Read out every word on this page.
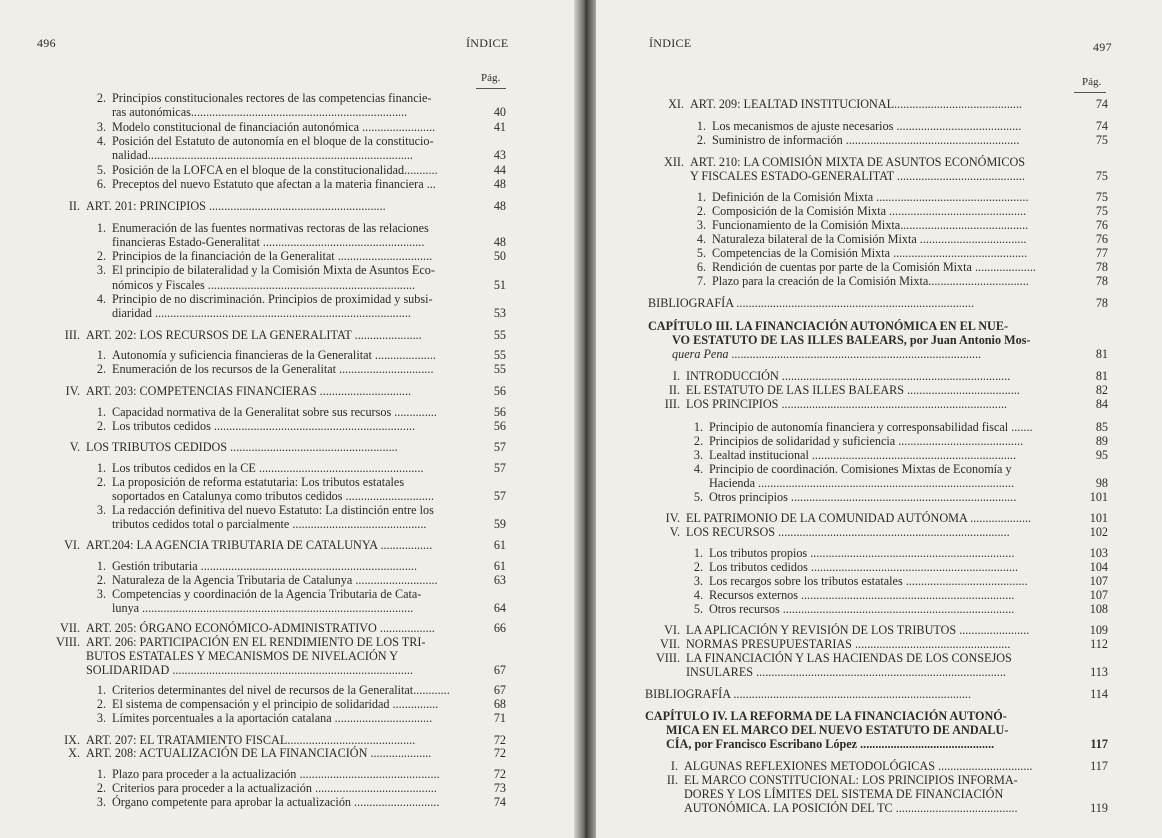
496	ÍNDICE
Pág.
2. Principios constitucionales rectores de las competencias financie-
ras autonómicas.......................................................................	40
3. Modelo constitucional de financiación autonómica ........................	41
4. Posición del Estatuto de autonomía en el bloque de la constitucio-
nalidad.......................................................................................	43
5. Posición de la LOFCA en el bloque de la constitucionalidad...........	44
6. Preceptos del nuevo Estatuto que afectan a la materia financiera ...	48
II. ART. 201: PRINCIPIOS ..........................................................	48
1. Enumeración de las fuentes normativas rectoras de las relaciones
financieras Estado-Generalitat .....................................................	48
2. Principios de la financiación de la Generalitat ...............................	50
3. El principio de bilateralidad y la Comisión Mixta de Asuntos Eco-
nómicos y Fiscales ....................................................................	51
4. Principio de no discriminación. Principios de proximidad y subsi-
diaridad ....................................................................................	53
III. ART. 202: LOS RECURSOS DE LA GENERALITAT ......................	55
1. Autonomía y suficiencia financieras de la Generalitat ....................	55
2. Enumeración de los recursos de la Generalitat ...............................	55
IV. ART. 203: COMPETENCIAS FINANCIERAS ..............................	56
1. Capacidad normativa de la Generalitat sobre sus recursos ..............	56
2. Los tributos cedidos ..................................................................	56
V. LOS TRIBUTOS CEDIDOS .......................................................	57
1. Los tributos cedidos en la CE ......................................................	57
2. La proposición de reforma estatutaria: Los tributos estatales
soportados en Catalunya como tributos cedidos .............................	57
3. La redacción definitiva del nuevo Estatuto: La distinción entre los
tributos cedidos total o parcialmente ............................................	59
VI. ART.204: LA AGENCIA TRIBUTARIA DE CATALUNYA .................	61
1. Gestión tributaria .......................................................................	61
2. Naturaleza de la Agencia Tributaria de Catalunya ...........................	63
3. Competencias y coordinación de la Agencia Tributaria de Cata-
lunya .........................................................................................	64
VII. ART. 205: ÓRGANO ECONÓMICO-ADMINISTRATIVO ..................	66
VIII. ART. 206: PARTICIPACIÓN EN EL RENDIMIENTO DE LOS TRI-
BUTOS ESTATALES Y MECANISMOS DE NIVELACIÓN Y
SOLIDARIDAD ...............................................................................	67
1. Criterios determinantes del nivel de recursos de la Generalitat............	67
2. El sistema de compensación y el principio de solidaridad ...............	68
3. Límites porcentuales a la aportación catalana ................................	71
IX. ART. 207: EL TRATAMIENTO FISCAL..........................................	72
X. ART. 208: ACTUALIZACIÓN DE LA FINANCIACIÓN ....................	72
1. Plazo para proceder a la actualización ..............................................	72
2. Criterios para proceder a la actualización ........................................	73
3. Órgano competente para aprobar la actualización ............................	74
ÍNDICE	497
Pág.
XI. ART. 209: LEALTAD INSTITUCIONAL..........................................	74
1. Los mecanismos de ajuste necesarios .........................................	74
2. Suministro de información .........................................................	75
XII. ART. 210: LA COMISIÓN MIXTA DE ASUNTOS ECONÓMICOS
Y FISCALES ESTADO-GENERALITAT ..........................................	75
1. Definición de la Comisión Mixta ..................................................	75
2. Composición de la Comisión Mixta .............................................	75
3. Funcionamiento de la Comisión Mixta..........................................	76
4. Naturaleza bilateral de la Comisión Mixta ...................................	76
5. Competencias de la Comisión Mixta ............................................	77
6. Rendición de cuentas por parte de la Comisión Mixta ....................	78
7. Plazo para la creación de la Comisión Mixta.................................	78
BIBLIOGRAFÍA ..............................................................................	78
CAPÍTULO III. LA FINANCIACIÓN AUTONÓMICA EN EL NUE-
VO ESTATUTO DE LAS ILLES BALEARS, por Juan Antonio Mos-
quera Pena ..................................................................................	81
I. INTRODUCCIÓN ...........................................................................	81
II. EL ESTATUTO DE LAS ILLES BALEARS .....................................	82
III. LOS PRINCIPIOS ..........................................................................	84
1. Principio de autonomía financiera y corresponsabilidad fiscal .......	85
2. Principios de solidaridad y suficiencia .........................................	89
3. Lealtad institucional ...................................................................	95
4. Principio de coordinación. Comisiones Mixtas de Economía y
Hacienda ....................................................................................	98
5. Otros principios ..........................................................................	101
IV. EL PATRIMONIO DE LA COMUNIDAD AUTÓNOMA ....................	101
V. LOS RECURSOS ............................................................................	102
1. Los tributos propios ...................................................................	103
2. Los tributos cedidos ....................................................................	104
3. Los recargos sobre los tributos estatales ........................................	107
4. Recursos externos ......................................................................	107
5. Otros recursos ............................................................................	108
VI. LA APLICACIÓN Y REVISIÓN DE LOS TRIBUTOS .......................	109
VII. NORMAS PRESUPUESTARIAS ...................................................	112
VIII. LA FINANCIACIÓN Y LAS HACIENDAS DE LOS CONSEJOS
INSULARES ..................................................................................	113
BIBLIOGRAFÍA ..............................................................................	114
CAPÍTULO IV. LA REFORMA DE LA FINANCIACIÓN AUTONÓ-
MICA EN EL MARCO DEL NUEVO ESTATUTO DE ANDALU-
CÍA, por Francisco Escribano López ............................................	117
I. ALGUNAS REFLEXIONES METODOLÓGICAS ...............................	117
II. EL MARCO CONSTITUCIONAL: LOS PRINCIPIOS INFORMA-
DORES Y LOS LÍMITES DEL SISTEMA DE FINANCIACIÓN
AUTONÓMICA. LA POSICIÓN DEL TC ........................................	119
